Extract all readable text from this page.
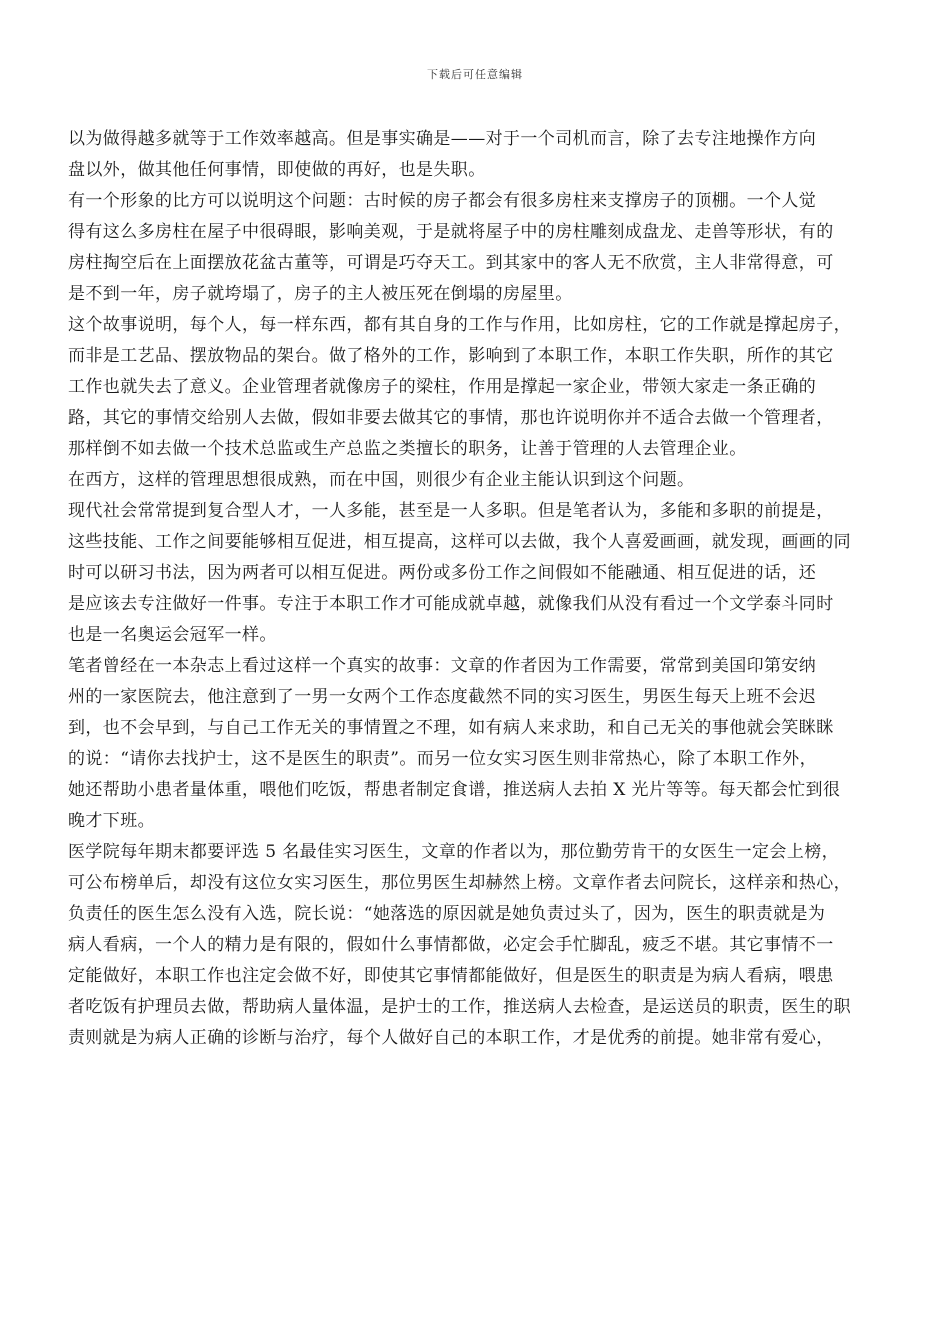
下载后可任意编辑
以为做得越多就等于工作效率越高。但是事实确是——对于一个司机而言，除了去专注地操作方向
盘以外，做其他任何事情，即使做的再好，也是失职。
有一个形象的比方可以说明这个问题：古时候的房子都会有很多房柱来支撑房子的顶棚。一个人觉
得有这么多房柱在屋子中很碍眼，影响美观，于是就将屋子中的房柱雕刻成盘龙、走兽等形状，有的
房柱掏空后在上面摆放花盆古董等，可谓是巧夺天工。到其家中的客人无不欣赏，主人非常得意，可
是不到一年，房子就垮塌了，房子的主人被压死在倒塌的房屋里。
这个故事说明，每个人，每一样东西，都有其自身的工作与作用，比如房柱，它的工作就是撑起房子，
而非是工艺品、摆放物品的架台。做了格外的工作，影响到了本职工作，本职工作失职，所作的其它
工作也就失去了意义。企业管理者就像房子的梁柱，作用是撑起一家企业，带领大家走一条正确的
路，其它的事情交给别人去做，假如非要去做其它的事情，那也许说明你并不适合去做一个管理者，
那样倒不如去做一个技术总监或生产总监之类擅长的职务，让善于管理的人去管理企业。
在西方，这样的管理思想很成熟，而在中国，则很少有企业主能认识到这个问题。
现代社会常常提到复合型人才，一人多能，甚至是一人多职。但是笔者认为，多能和多职的前提是，
这些技能、工作之间要能够相互促进，相互提高，这样可以去做，我个人喜爱画画，就发现，画画的同
时可以研习书法，因为两者可以相互促进。两份或多份工作之间假如不能融通、相互促进的话，还
是应该去专注做好一件事。专注于本职工作才可能成就卓越，就像我们从没有看过一个文学泰斗同时
也是一名奥运会冠军一样。
笔者曾经在一本杂志上看过这样一个真实的故事：文章的作者因为工作需要，常常到美国印第安纳
州的一家医院去，他注意到了一男一女两个工作态度截然不同的实习医生，男医生每天上班不会迟
到，也不会早到，与自己工作无关的事情置之不理，如有病人来求助，和自己无关的事他就会笑眯眯
的说：“请你去找护士，这不是医生的职责”。而另一位女实习医生则非常热心，除了本职工作外，
她还帮助小患者量体重，喂他们吃饭，帮患者制定食谱，推送病人去拍 X 光片等等。每天都会忙到很
晚才下班。
医学院每年期末都要评选 5 名最佳实习医生，文章的作者以为，那位勤劳肯干的女医生一定会上榜，
可公布榜单后，却没有这位女实习医生，那位男医生却赫然上榜。文章作者去问院长，这样亲和热心，
负责任的医生怎么没有入选，院长说：“她落选的原因就是她负责过头了，因为，医生的职责就是为
病人看病，一个人的精力是有限的，假如什么事情都做，必定会手忙脚乱，疲乏不堪。其它事情不一
定能做好，本职工作也注定会做不好，即使其它事情都能做好，但是医生的职责是为病人看病，喂患
者吃饭有护理员去做，帮助病人量体温，是护士的工作，推送病人去检查，是运送员的职责，医生的职
责则就是为病人正确的诊断与治疗，每个人做好自己的本职工作，才是优秀的前提。她非常有爱心，
